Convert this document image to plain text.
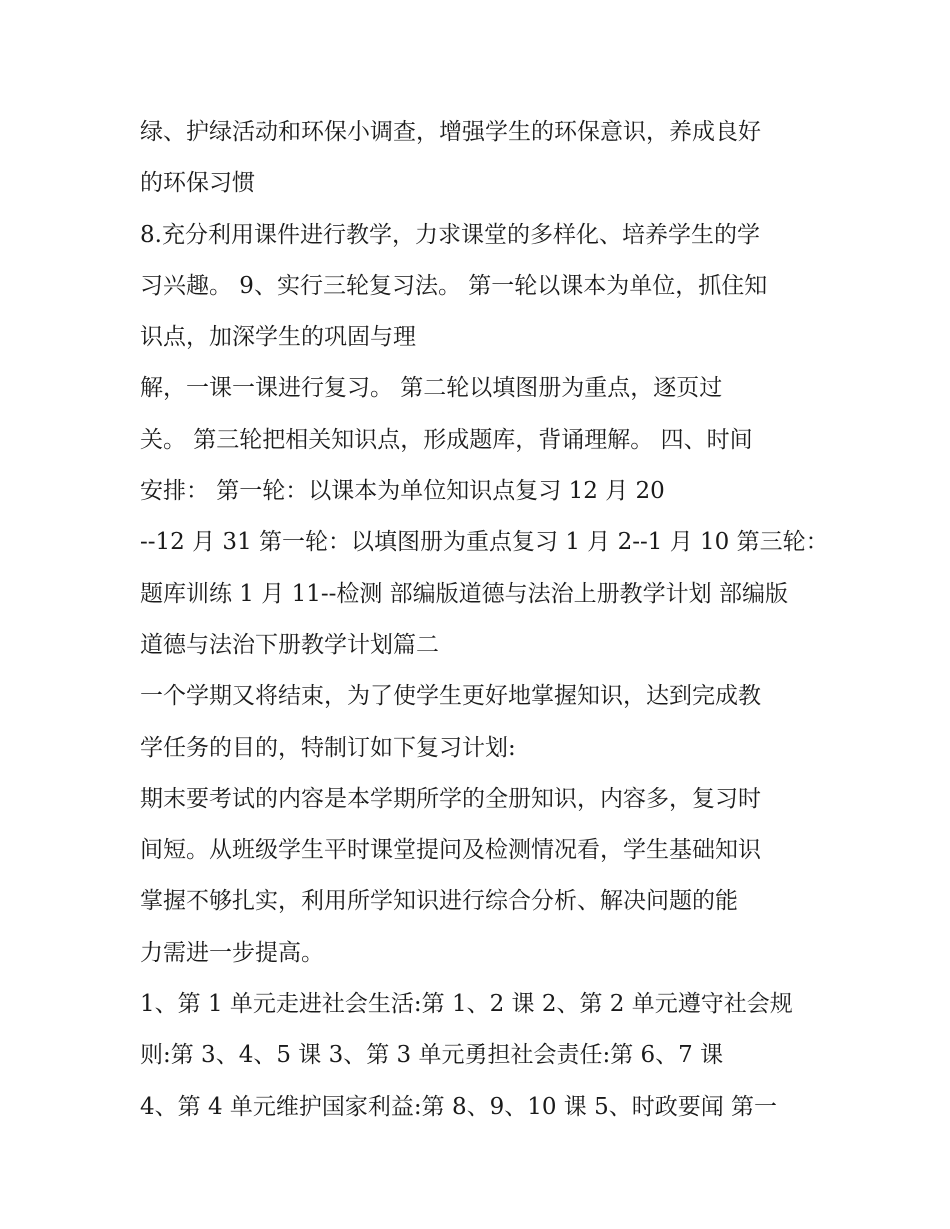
绿、护绿活动和环保小调查，增强学生的环保意识，养成良好
的环保习惯
8.充分利用课件进行教学，力求课堂的多样化、培养学生的学
习兴趣。 9、实行三轮复习法。 第一轮以课本为单位，抓住知
识点，加深学生的巩固与理
解，一课一课进行复习。 第二轮以填图册为重点，逐页过
关。 第三轮把相关知识点，形成题库，背诵理解。 四、时间
安排： 第一轮：以课本为单位知识点复习 12 月 20
--12 月 31 第一轮：以填图册为重点复习 1 月 2--1 月 10 第三轮：
题库训练 1 月 11--检测 部编版道德与法治上册教学计划 部编版
道德与法治下册教学计划篇二
一个学期又将结束，为了使学生更好地掌握知识，达到完成教
学任务的目的，特制订如下复习计划:
期末要考试的内容是本学期所学的全册知识，内容多，复习时
间短。从班级学生平时课堂提问及检测情况看，学生基础知识
掌握不够扎实，利用所学知识进行综合分析、解决问题的能
力需进一步提高。
1、第 1 单元走进社会生活:第 1、2 课 2、第 2 单元遵守社会规
则:第 3、4、5 课 3、第 3 单元勇担社会责任:第 6、7 课
4、第 4 单元维护国家利益:第 8、9、10 课 5、时政要闻 第一
